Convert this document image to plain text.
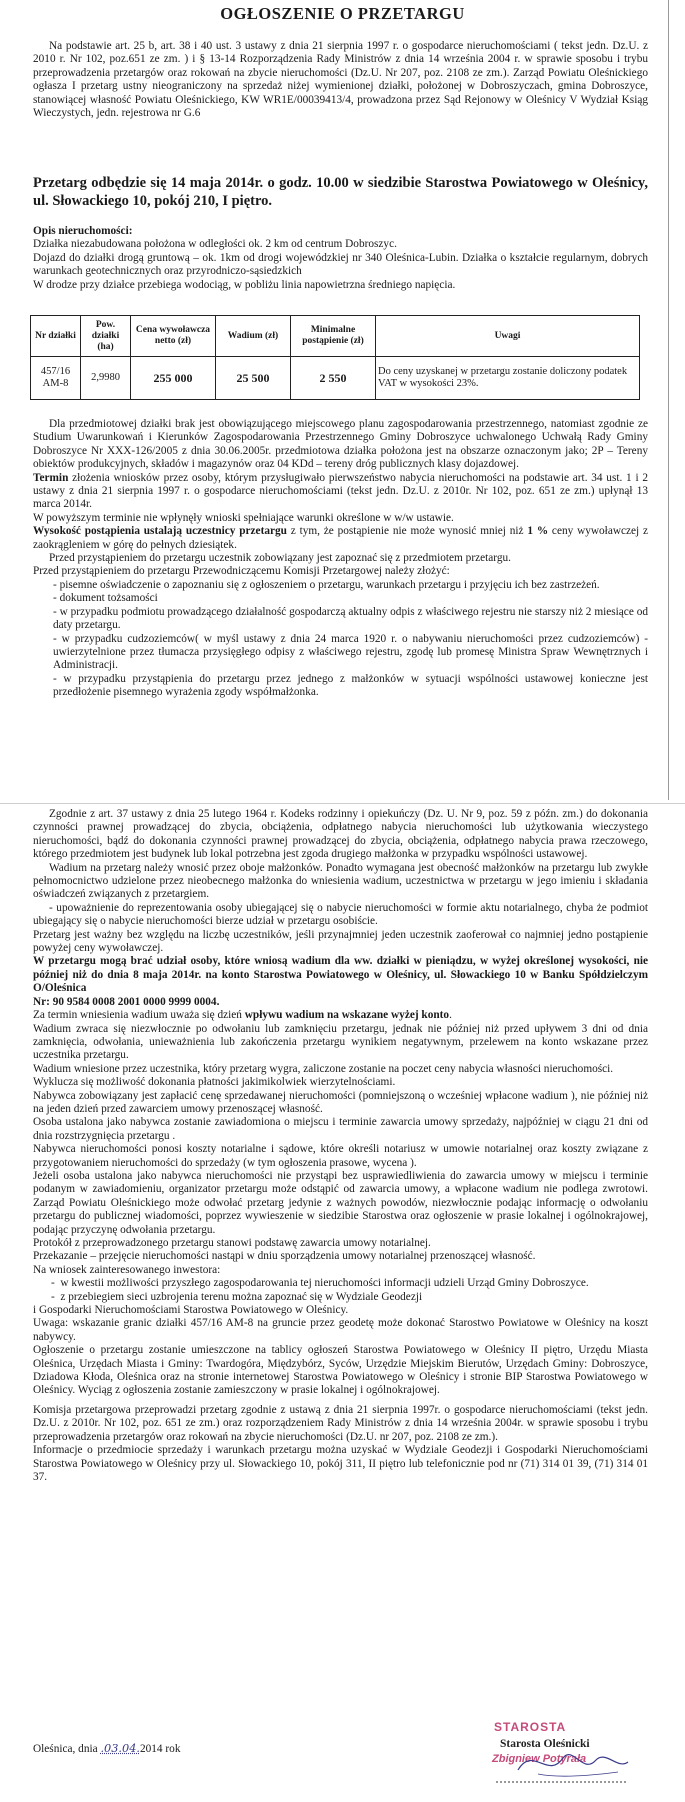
OGŁOSZENIE O PRZETARGU

Na podstawie art. 25 b, art. 38 i 40 ust. 3 ustawy z dnia 21 sierpnia 1997 r. o gospodarce nieruchomościami ( tekst jedn. Dz.U. z 2010 r. Nr 102, poz.651 ze zm. ) i § 13-14 Rozporządzenia Rady Ministrów z dnia 14 września 2004 r. w sprawie sposobu i trybu przeprowadzenia przetargów oraz rokowań na zbycie nieruchomości (Dz.U. Nr 207, poz. 2108 ze zm.). Zarząd Powiatu Oleśnickiego ogłasza I przetarg ustny nieograniczony na sprzedaż niżej wymienionej działki, położonej w Dobroszyczach, gmina Dobroszyce, stanowiącej własność Powiatu Oleśnickiego, KW WR1E/00039413/4, prowadzona przez Sąd Rejonowy w Oleśnicy V Wydział Ksiąg Wieczystych, jedn. rejestrowa nr G.6

Przetarg odbędzie się 14 maja 2014r. o godz. 10.00 w siedzibie Starostwa Powiatowego w Oleśnicy, ul. Słowackiego 10, pokój 210, I piętro.

Opis nieruchomości:

Działka niezabudowana położona w odległości ok. 2 km od centrum Dobroszyc.

Dojazd do działki drogą gruntową – ok. 1km od drogi wojewódzkiej nr 340 Oleśnica-Lubin. Działka o kształcie regularnym, dobrych warunkach geotechnicznych oraz przyrodniczo-sąsiedzkich

W drodze przy działce przebiega wodociąg, w pobliżu linia napowietrzna średniego napięcia.

Nr działki	Pow. działki (ha)	Cena wywoławcza netto (zł)	Wadium (zł)	Minimalne postąpienie (zł)	Uwagi
457/16 AM-8	2,9980	255 000	25 500	2 550	Do ceny uzyskanej w przetargu zostanie doliczony podatek VAT w wysokości 23%.

Dla przedmiotowej działki brak jest obowiązującego miejscowego planu zagospodarowania przestrzennego, natomiast zgodnie ze Studium Uwarunkowań i Kierunków Zagospodarowania Przestrzennego Gminy Dobroszyce uchwalonego Uchwałą Rady Gminy Dobroszyce Nr XXX-126/2005 z dnia 30.06.2005r. przedmiotowa działka położona jest na obszarze oznaczonym jako; 2P – Tereny obiektów produkcyjnych, składów i magazynów oraz 04 KDd – tereny dróg publicznych klasy dojazdowej.

Termin złożenia wniosków przez osoby, którym przysługiwało pierwszeństwo nabycia nieruchomości na podstawie art. 34 ust. 1 i 2 ustawy z dnia 21 sierpnia 1997 r. o gospodarce nieruchomościami (tekst jedn. Dz.U. z 2010r. Nr 102, poz. 651 ze zm.) upłynął 13 marca 2014r.

W powyższym terminie nie wpłynęły wnioski spełniające warunki określone w w/w ustawie.

Wysokość postąpienia ustalają uczestnicy przetargu z tym, że postąpienie nie może wynosić mniej niż 1 % ceny wywoławczej z zaokrągleniem w górę do pełnych dziesiątek.

Przed przystąpieniem do przetargu uczestnik zobowiązany jest zapoznać się z przedmiotem przetargu.

Przed przystąpieniem do przetargu Przewodniczącemu Komisji Przetargowej należy złożyć:

- pisemne oświadczenie o zapoznaniu się z ogłoszeniem o przetargu, warunkach przetargu i przyjęciu ich bez zastrzeżeń.

- dokument tożsamości

- w przypadku podmiotu prowadzącego działalność gospodarczą aktualny odpis z właściwego rejestru nie starszy niż 2 miesiące od daty przetargu.

- w przypadku cudzoziemców( w myśl ustawy z dnia 24 marca 1920 r. o nabywaniu nieruchomości przez cudzoziemców) - uwierzytelnione przez tłumacza przysięgłego odpisy z właściwego rejestru, zgodę lub promesę Ministra Spraw Wewnętrznych i Administracji.

- w przypadku przystąpienia do przetargu przez jednego z małżonków w sytuacji wspólności ustawowej konieczne jest przedłożenie pisemnego wyrażenia zgody współmałżonka.

Zgodnie z art. 37 ustawy z dnia 25 lutego 1964 r. Kodeks rodzinny i opiekuńczy (Dz. U. Nr 9, poz. 59 z późn. zm.) do dokonania czynności prawnej prowadzącej do zbycia, obciążenia, odpłatnego nabycia nieruchomości lub użytkowania wieczystego nieruchomości, bądź do dokonania czynności prawnej prowadzącej do zbycia, obciążenia, odpłatnego nabycia prawa rzeczowego, którego przedmiotem jest budynek lub lokal potrzebna jest zgoda drugiego małżonka w przypadku wspólności ustawowej.

Wadium na przetarg należy wnosić przez oboje małżonków. Ponadto wymagana jest obecność małżonków na przetargu lub zwykłe pełnomocnictwo udzielone przez nieobecnego małżonka do wniesienia wadium, uczestnictwa w przetargu w jego imieniu i składania oświadczeń związanych z przetargiem.

- upoważnienie do reprezentowania osoby ubiegającej się o nabycie nieruchomości w formie aktu notarialnego, chyba że podmiot ubiegający się o nabycie nieruchomości bierze udział w przetargu osobiście.

Przetarg jest ważny bez względu na liczbę uczestników, jeśli przynajmniej jeden uczestnik zaoferował co najmniej jedno postąpienie powyżej ceny wywoławczej.

W przetargu mogą brać udział osoby, które wniosą wadium dla ww. działki w pieniądzu, w wyżej określonej wysokości, nie później niż do dnia 8 maja 2014r. na konto Starostwa Powiatowego w Oleśnicy, ul. Słowackiego 10 w Banku Spółdzielczym O/Oleśnica

Nr: 90 9584 0008 2001 0000 9999 0004.

Za termin wniesienia wadium uważa się dzień wpływu wadium na wskazane wyżej konto.

Wadium zwraca się niezwłocznie po odwołaniu lub zamknięciu przetargu, jednak nie później niż przed upływem 3 dni od dnia zamknięcia, odwołania, unieważnienia lub zakończenia przetargu wynikiem negatywnym, przelewem na konto wskazane przez uczestnika przetargu.

Wadium wniesione przez uczestnika, który przetarg wygra, zaliczone zostanie na poczet ceny nabycia własności nieruchomości.

Wyklucza się możliwość dokonania płatności jakimikolwiek wierzytelnościami.

Nabywca zobowiązany jest zapłacić cenę sprzedawanej nieruchomości (pomniejszoną o wcześniej wpłacone wadium ), nie później niż na jeden dzień przed zawarciem umowy przenoszącej własność.

Osoba ustalona jako nabywca zostanie zawiadomiona o miejscu i terminie zawarcia umowy sprzedaży, najpóźniej w ciągu 21 dni od dnia rozstrzygnięcia przetargu .

Nabywca nieruchomości ponosi koszty notarialne i sądowe, które określi notariusz w umowie notarialnej oraz koszty związane z przygotowaniem nieruchomości do sprzedaży (w tym ogłoszenia prasowe, wycena ).

Jeżeli osoba ustalona jako nabywca nieruchomości nie przystąpi bez usprawiedliwienia do zawarcia umowy w miejscu i terminie podanym w zawiadomieniu, organizator przetargu może odstąpić od zawarcia umowy, a wpłacone wadium nie podlega zwrotowi. Zarząd Powiatu Oleśnickiego może odwołać przetarg jedynie z ważnych powodów, niezwłocznie podając informację o odwołaniu przetargu do publicznej wiadomości, poprzez wywieszenie w siedzibie Starostwa oraz ogłoszenie w prasie lokalnej i ogólnokrajowej, podając przyczynę odwołania przetargu.

Protokół z przeprowadzonego przetargu stanowi podstawę zawarcia umowy notarialnej.

Przekazanie – przejęcie nieruchomości nastąpi w dniu sporządzenia umowy notarialnej przenoszącej własność.

Na wniosek zainteresowanego inwestora:

-  w kwestii możliwości przyszłego zagospodarowania tej nieruchomości informacji udzieli Urząd Gminy Dobroszyce.

-  z przebiegiem sieci uzbrojenia terenu można zapoznać się w Wydziale Geodezji

i Gospodarki Nieruchomościami Starostwa Powiatowego w Oleśnicy.

Uwaga: wskazanie granic działki 457/16 AM-8 na gruncie przez geodetę może dokonać Starostwo Powiatowe w Oleśnicy na koszt nabywcy.

Ogłoszenie o przetargu zostanie umieszczone na tablicy ogłoszeń Starostwa Powiatowego w Oleśnicy II piętro, Urzędu Miasta Oleśnica, Urzędach Miasta i Gminy: Twardogóra, Międzybórz, Syców, Urzędzie Miejskim Bierutów, Urzędach Gminy: Dobroszyce, Dziadowa Kłoda, Oleśnica oraz na stronie internetowej Starostwa Powiatowego w Oleśnicy i stronie BIP Starostwa Powiatowego w Oleśnicy. Wyciąg z ogłoszenia zostanie zamieszczony w prasie lokalnej i ogólnokrajowej.

Komisja przetargowa przeprowadzi przetarg zgodnie z ustawą z dnia 21 sierpnia 1997r. o gospodarce nieruchomościami (tekst jedn. Dz.U. z 2010r. Nr 102, poz. 651 ze zm.) oraz rozporządzeniem Rady Ministrów z dnia 14 września 2004r. w sprawie sposobu i trybu przeprowadzenia przetargów oraz rokowań na zbycie nieruchomości (Dz.U. nr 207, poz. 2108 ze zm.).

Informacje o przedmiocie sprzedaży i warunkach przetargu można uzyskać w Wydziale Geodezji i Gospodarki Nieruchomościami Starostwa Powiatowego w Oleśnicy przy ul. Słowackiego 10, pokój 311, II piętro lub telefonicznie pod nr (71) 314 01 39, (71) 314 01 37.

Oleśnica, dnia .03.04.2014 rok
STAROSTA
Starosta Oleśnicki
Zbigniew Potyrała
